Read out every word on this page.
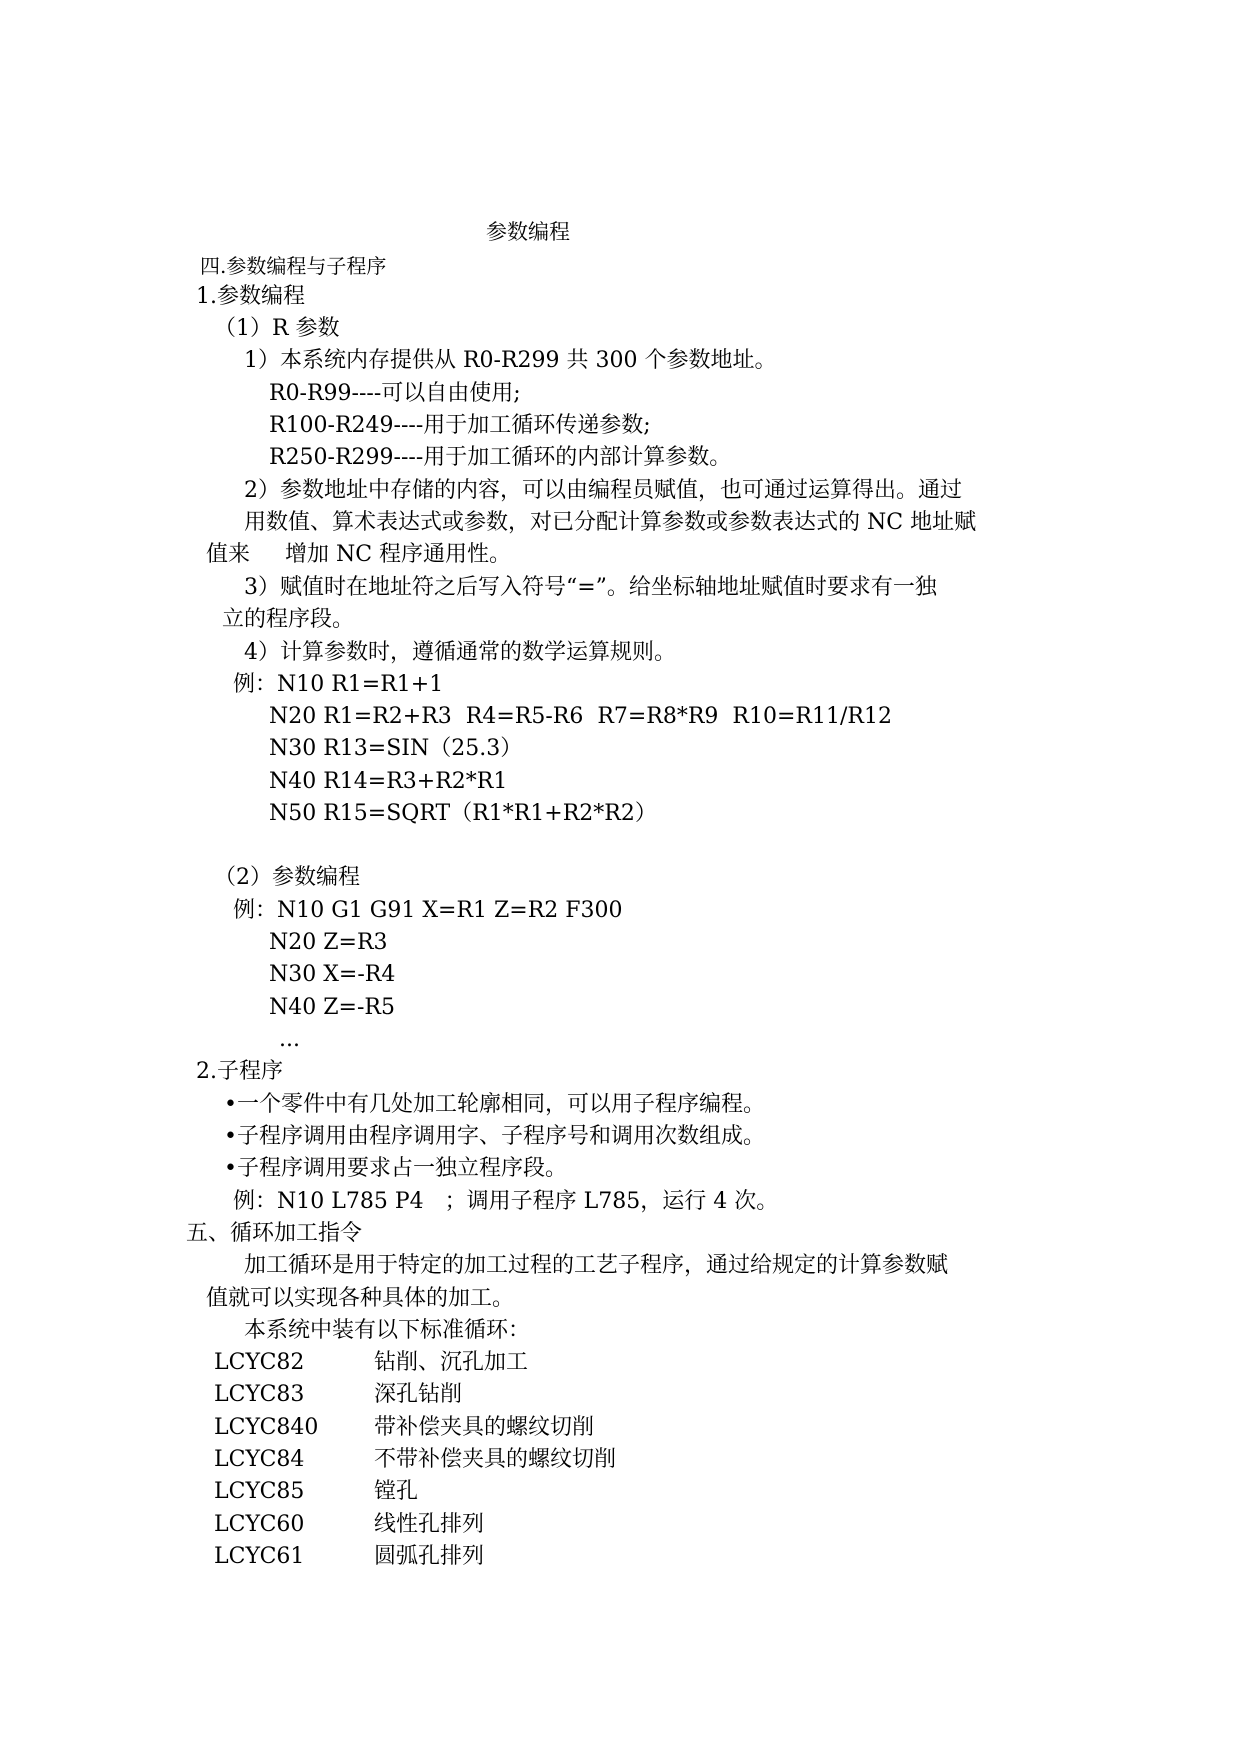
参数编程
四.参数编程与子程序
1.参数编程
（1）R 参数
1）本系统内存提供从 R0-R299 共 300 个参数地址。
R0-R99----可以自由使用;
R100-R249----用于加工循环传递参数;
R250-R299----用于加工循环的内部计算参数。
2）参数地址中存储的内容，可以由编程员赋值，也可通过运算得出。通过
用数值、算术表达式或参数，对已分配计算参数或参数表达式的 NC 地址赋
值来     增加 NC 程序通用性。
3）赋值时在地址符之后写入符号“=”。给坐标轴地址赋值时要求有一独
立的程序段。
4）计算参数时，遵循通常的数学运算规则。
例：N10 R1=R1+1
N20 R1=R2+R3  R4=R5-R6  R7=R8*R9  R10=R11/R12
N30 R13=SIN（25.3）
N40 R14=R3+R2*R1
N50 R15=SQRT（R1*R1+R2*R2）
（2）参数编程
例：N10 G1 G91 X=R1 Z=R2 F300
N20 Z=R3
N30 X=-R4
N40 Z=-R5
...
2.子程序
•一个零件中有几处加工轮廓相同，可以用子程序编程。
•子程序调用由程序调用字、子程序号和调用次数组成。
•子程序调用要求占一独立程序段。
例：N10 L785 P4   ；调用子程序 L785，运行 4 次。
五、循环加工指令
加工循环是用于特定的加工过程的工艺子程序，通过给规定的计算参数赋
值就可以实现各种具体的加工。
本系统中装有以下标准循环：
LCYC82	钻削、沉孔加工
LCYC83	深孔钻削
LCYC840	带补偿夹具的螺纹切削
LCYC84	不带补偿夹具的螺纹切削
LCYC85	镗孔
LCYC60	线性孔排列
LCYC61	圆弧孔排列
